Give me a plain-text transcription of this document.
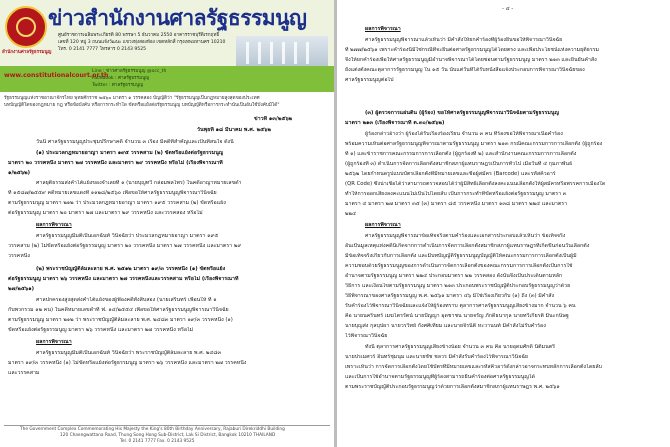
สำนักงานศาลรัฐธรรมนูญ
ข่าวสำนักงานศาลรัฐธรรมนูญ
ศูนย์ราชการเฉลิมพระเกียรติ 80 พรรษา 5 ธันวาคม 2550 อาคารราชบุรีดิเรกฤทธิ์
เลขที่ 120 หมู่ 3 ถนนแจ้งวัฒนะ แขวงทุ่งสองห้อง เขตหลักสี่ กรุงเทพมหานคร 10210
โทร. 0 2141 7777 โทรสาร 0 2143 9525
www.constitutionalcourt.or.th
Line : ข่าวศาลรัฐธรรมนูญ @occ_th
Facebook : ศาลรัฐธรรมนูญ
Twitter : ศาลรัฐธรรมนูญ
รัฐธรรมนูญแห่งราชอาณาจักรไทย พุทธศักราช ๒๕๖๐ มาตรา ๑ วรรคสอง บัญญัติว่า "รัฐธรรมนูญเป็นกฎหมายสูงสุดของประเทศ
บทบัญญัติใดของกฎหมาย กฎ หรือข้อบังคับ หรือการกระทำใด ขัดหรือแย้งต่อรัฐธรรมนูญ บทบัญญัติหรือการกระทำนั้นเป็นอันใช้บังคับมิได้"
ข่าวที่ ๑๓/๒๕๖๒
วันพุธที่ ๑๘ มีนาคม พ.ศ. ๒๕๖๒
วันนี้ ศาลรัฐธรรมนูญประชุมปรึกษาคดี จำนวน ๓ เรื่อง มีคดีที่สำคัญและเป็นที่สนใจ ดังนี้
(๑) ประมวลกฎหมายอาญา มาตรา ๑๙๕ วรรคสาม (๒) ขัดหรือแย้งต่อรัฐธรรมนูญ
มาตรา ๒๐ วรรคหนึ่ง มาตรา ๒๗ วรรคหนึ่ง และมาตรา ๒๙ วรรคหนึ่ง หรือไม่ (เรื่องพิจารณาที่
๑/๒๕๖๒)
ศาลยุติธรรมส่งคำโต้แย้งของจำเลยที่ ๑ (นายบุญทวี กล่อมพลไพร) ในคดีอาญาหมายเลขดำ
ที่ ๑๕๘๗/๒๕๕๙ คดีหมายเลขแดงที่ ๑๑๒๘/๒๕๖๐ เพื่อขอให้ศาลรัฐธรรมนูญพิจารณาวินิจฉัย
ตามรัฐธรรมนูญ มาตรา ๒๑๒ ว่า ประมวลกฎหมายอาญา มาตรา ๑๙๕ วรรคสาม (๒) ขัดหรือแย้ง
ต่อรัฐธรรมนูญ มาตรา ๒๐ มาตรา ๒๗ และมาตรา ๒๙ วรรคหนึ่ง และวรรคสอง หรือไม่
ผลการพิจารณา
ศาลรัฐธรรมนูญมีมติเป็นเอกฉันท์ วินิจฉัยว่า ประมวลกฎหมายอาญา มาตรา ๑๙๕
วรรคสาม (๒) ไม่ขัดหรือแย้งต่อรัฐธรรมนูญ มาตรา ๒๐ วรรคหนึ่ง มาตรา ๒๗ วรรคหนึ่ง และมาตรา ๒๙
วรรคหนึ่ง
(๒) พระราชบัญญัติล้มละลาย พ.ศ. ๒๕๑๒ มาตรา ๑๙/๓ วรรคหนึ่ง (๑) ขัดหรือแย้ง
ต่อรัฐธรรมนูญ มาตรา ๒๖ วรรคหนึ่ง และมาตรา ๒๗ วรรคหนึ่งและวรรคสาม หรือไม่ (เรื่องพิจารณาที่
๒๗/๒๕๖๑)
ศาลปกครองสูงสุดส่งคำโต้แย้งของผู้ฟ้องคดีทั้งสิบสอง (นายเสรีนทร์ เพื่อนให้ ที่ ๑
กับพวกรวม ๑๒ คน) ในคดีหมายเลขดำที่ ฟ. ๑๔/๒๕๕๔ เพื่อขอให้ศาลรัฐธรรมนูญพิจารณาวินิจฉัย
ตามรัฐธรรมนูญ มาตรา ๒๑๒ ว่า พระราชบัญญัติล้มละลาย พ.ศ. ๒๔๘๓ มาตรา ๑๙/๓ วรรคหนึ่ง (๑)
ขัดหรือแย้งต่อรัฐธรรมนูญ มาตรา ๒๖ วรรคหนึ่ง และมาตรา ๒๗ วรรคหนึ่ง หรือไม่
ผลการพิจารณา
ศาลรัฐธรรมนูญมีมติเป็นเอกฉันท์ วินิจฉัยว่า พระราชบัญญัติล้มละลาย พ.ศ. ๒๔๘๓
มาตรา ๑๙/๓ วรรคหนึ่ง (๑) ไม่ขัดหรือแย้งต่อรัฐธรรมนูญ มาตรา ๒๖ วรรคหนึ่ง และมาตรา ๒๗ วรรคหนึ่ง
และวรรคสาม
The Government Complex Commemorating His Majesty the King's 80th Birthday Anniversary, Rajaburi Direkriddhi Building
120 Chaengwattana Road, Thung Song Hong Sub-District, Lak Si District, Bangkok 10210 THAILAND
Tel. 0 2141 7777 Fax. 0 2143 9525
- ๔ -
ผลการพิจารณา
ศาลรัฐธรรมนูญพิจารณาแล้วเห็นว่า มีคำสั่งให้ยกคำร้องที่ผู้ร้องยื่นขอให้พิจารณาวินิจฉัย
ที่ ๒๗๗/๒๕๖๑ เพราะคำร้องนี้มิใช่กรณีที่จะยื่นต่อศาลรัฐธรรมนูญได้โดยตรง และเพื่อประโยชน์แห่งความยุติธรรม
จึงให้ยกคำร้องเพื่อให้ศาลรัฐธรรมนูญมีอำนาจพิจารณาได้โดยชอบตามรัฐธรรมนูญ มาตรา ๒๑๓ และยืนยันคำสั่ง
ยังแต่งตั้งคณะตุลาการรัฐธรรมนูญ ใน ๑๕ วัน นับแต่วันที่ได้รับหนังสือแจ้งประกอบการพิจารณาวินิจฉัยของ
ศาลรัฐธรรมนูญต่อไป
(๓) ผู้ตรวจการแผ่นดิน (ผู้ร้อง) ขอให้ศาลรัฐธรรมนูญพิจารณาวินิจฉัยตามรัฐธรรมนูญ
มาตรา ๒๑๓ (เรื่องพิจารณาที่ ต.๓๐/๒๕๖๒)
ผู้ร้องกล่าวอ้างว่า ผู้ร้องได้รับเรื่องร้องเรียน จำนวน ๓ คน ที่ร้องขอให้พิจารณาเนื้อคำร้อง
พร้อมความเห็นต่อศาลรัฐธรรมนูญพิจารณาตามรัฐธรรมนูญ มาตรา ๒๑๓ กรณีคณะกรรมการการเลือกตั้ง (ผู้ถูกร้อง
ที่ ๑) และข้าราชการคณะกรรมการการเลือกตั้ง (ผู้ถูกร้องที่ ๒) และสำนักงานคณะกรรมการการเลือกตั้ง
(ผู้ถูกร้องที่ ๓) ดำเนินการจัดการเลือกตั้งสมาชิกสภาผู้แทนราษฎรเป็นการทั่วไป เมื่อวันที่ ๔ กุมภาพันธ์
๒๕๖๒ โดยกำหนดรูปแบบบัตรเลือกตั้งที่มีหมายเลขและชื่อผู้สมัคร (Barcode) และรหัสคิวอาร์
(QR Code) ซึ่งน่าเชื่อได้ว่าสามารถตรวจสอบได้ว่าผู้มีสิทธิเลือกตั้งลงคะแนนเลือกตั้งให้ผู้สมัครหรือพรรคการเมืองใด
ทำให้การออกเสียงลงคะแนนไม่เป็นไปโดยลับ เป็นการกระทำที่ขัดหรือแย้งต่อรัฐธรรมนูญ มาตรา ๓
มาตรา ๔ มาตรา ๒๗ มาตรา ๓๕ (๓) มาตรา ๘๕ วรรคหนึ่ง มาตรา ๑๓๘ มาตรา ๒๒๔ และมาตรา
๒๒๔
ผลการพิจารณา
ศาลรัฐธรรมนูญพิจารณาข้อเท็จจริงตามคำร้องและเอกสารประกอบแล้วเห็นว่า ข้อเท็จจริง
อันเป็นมูลเหตุแห่งคดีนี้เกิดจากการดำเนินการจัดการเลือกตั้งสมาชิกสภาผู้แทนราษฎรที่เกิดขึ้นก่อนวันเลือกตั้ง
มีข้อเท็จจริงเกี่ยวกับการเลือกตั้ง และมีบทบัญญัติรัฐธรรมนูญบัญญัติให้คณะกรรมการการเลือกตั้งเป็นผู้มี
ความชอบด้วยรัฐธรรมนูญของการดำเนินการจัดการเลือกตั้งของคณะกรรมการการเลือกตั้งเป็นการใช้
อำนาจตามรัฐธรรมนูญ มาตรา ๒๒๔ ประกอบมาตรา ๒๒ วรรคสอง ดังนั้นจึงเป็นประเด็นตามหลัก
วิธีการ และเงื่อนไขตามรัฐธรรมนูญ มาตรา ๒๑๓ ประกอบพระราชบัญญัติประกอบรัฐธรรมนูญว่าด้วย
วิธีพิจารณาของศาลรัฐธรรมนูญ พ.ศ. ๒๕๖๑ มาตรา ๔๖ มิใช่เรื่องเกี่ยวกับ (๑) ถึง (๓) มีคำสั่ง
รับคำร้องไว้พิจารณาวินิจฉัยและแจ้งให้ผู้ร้องทราบ ตุลาการศาลรัฐธรรมนูญเสียงข้างมาก จำนวน ๖ คน
คือ นายนครินทร์ เมฆไตรรัตน์ นายปัญญา อุดชาชน นายจรัญ ภักดีธนากุล นายทวีเกียรติ มีนะกนิษฐ
นายบุญส่ง กุลบุปผา นายวรวิทย์ กังศศิเทียม และนายจิรนิติ หะวานนท์ มีคำสั่งไม่รับคำร้อง
ไว้พิจารณาวินิจฉัย
ทั้งนี้ ตุลาการศาลรัฐธรรมนูญเสียงข้างน้อย จำนวน ๓ คน คือ นายอุดมศักดิ์ นิติมนตรี
นายปรเมศวร์ อินทร์ชุมนุม และนายชัช ชลวร มีคำสั่งรับคำร้องไว้พิจารณาวินิจฉัย
เพราะเห็นว่า การจัดการเลือกตั้งโดยใช้บัตรที่มีหมายเลขและรหัสคิวอาร์ดังกล่าวอาจกระทบหลักการเลือกตั้งโดยลับ
และเป็นการใช้อำนาจตามรัฐธรรมนูญที่ผู้ร้องสามารถยื่นคำร้องต่อศาลรัฐธรรมนูญได้
ตามพระราชบัญญัติประกอบรัฐธรรมนูญว่าด้วยการเลือกตั้งสมาชิกสภาผู้แทนราษฎร พ.ศ. ๒๕๖๑
